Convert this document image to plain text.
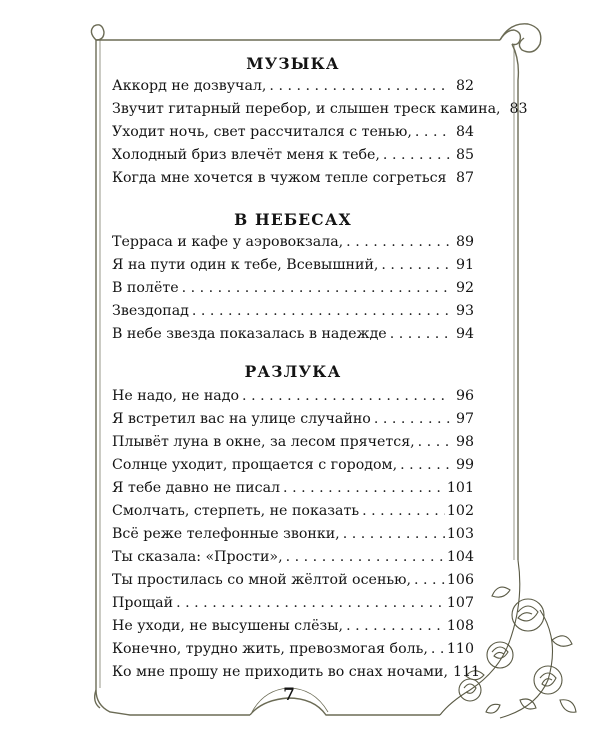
МУЗЫКА
Аккорд не дозвучал, . . .	82
Звучит гитарный перебор, и слышен треск камина, 83
Уходит ночь, свет рассчитался с тенью, . . .	84
Холодный бриз влечёт меня к тебе, . . .	85
Когда мне хочется в чужом тепле согреться . . . 87
В НЕБЕСАХ
Терраса и кафе у аэровокзала, . . .	89
Я на пути один к тебе, Всевышний, . . .	91
В полёте . . .	92
Звездопад . . .	93
В небе звезда показалась в надежде . . .	94
РАЗЛУКА
Не надо, не надо . . .	96
Я встретил вас на улице случайно . . .	97
Плывёт луна в окне, за лесом прячется, . . .	98
Солнце уходит, прощается с городом, . . .	99
Я тебе давно не писал . . .	101
Смолчать, стерпеть, не показать . . .	102
Всё реже телефонные звонки, . . .	103
Ты сказала: «Прости», . . .	104
Ты простилась со мной жёлтой осенью, . . .	106
Прощай . . .	107
Не уходи, не высушены слёзы, . . .	108
Конечно, трудно жить, превозмогая боль, . . . 110
Ко мне прошу не приходить во снах ночами, 111
7
